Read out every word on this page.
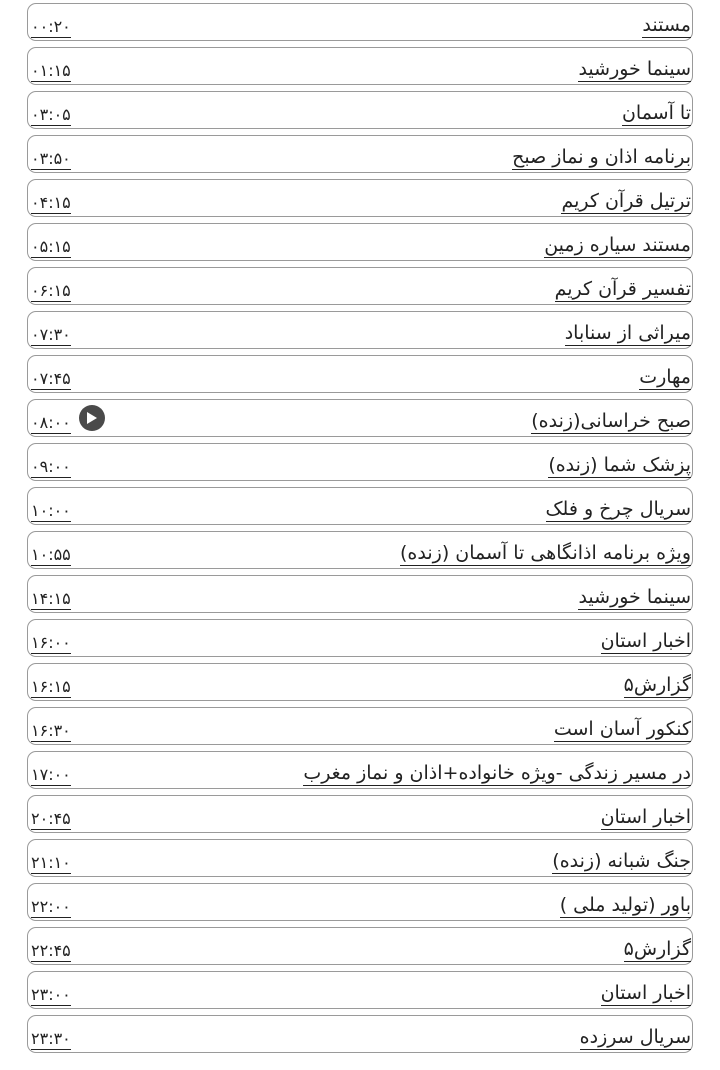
۰۰:۲۰	مستند
۰۱:۱۵	سینما خورشید
۰۳:۰۵	تا آسمان
۰۳:۵۰	برنامه اذان و نماز صبح
۰۴:۱۵	ترتیل قرآن کریم
۰۵:۱۵	مستند سیاره زمین
۰۶:۱۵	تفسیر قرآن کریم
۰۷:۳۰	میراثی از سناباد
۰۷:۴۵	مهارت
۰۸:۰۰	صبح خراسانی(زنده)
۰۹:۰۰	پزشک شما (زنده)
۱۰:۰۰	سریال چرخ و فلک
۱۰:۵۵	ویژه برنامه اذانگاهی تا آسمان (زنده)
۱۴:۱۵	سینما خورشید
۱۶:۰۰	اخبار استان
۱۶:۱۵	گزارش۵
۱۶:۳۰	کنکور آسان است
۱۷:۰۰	در مسیر زندگی -ویژه خانواده+اذان و نماز مغرب
۲۰:۴۵	اخبار استان
۲۱:۱۰	جنگ شبانه (زنده)
۲۲:۰۰	باور (تولید ملی )
۲۲:۴۵	گزارش۵
۲۳:۰۰	اخبار استان
۲۳:۳۰	سریال سرزده
